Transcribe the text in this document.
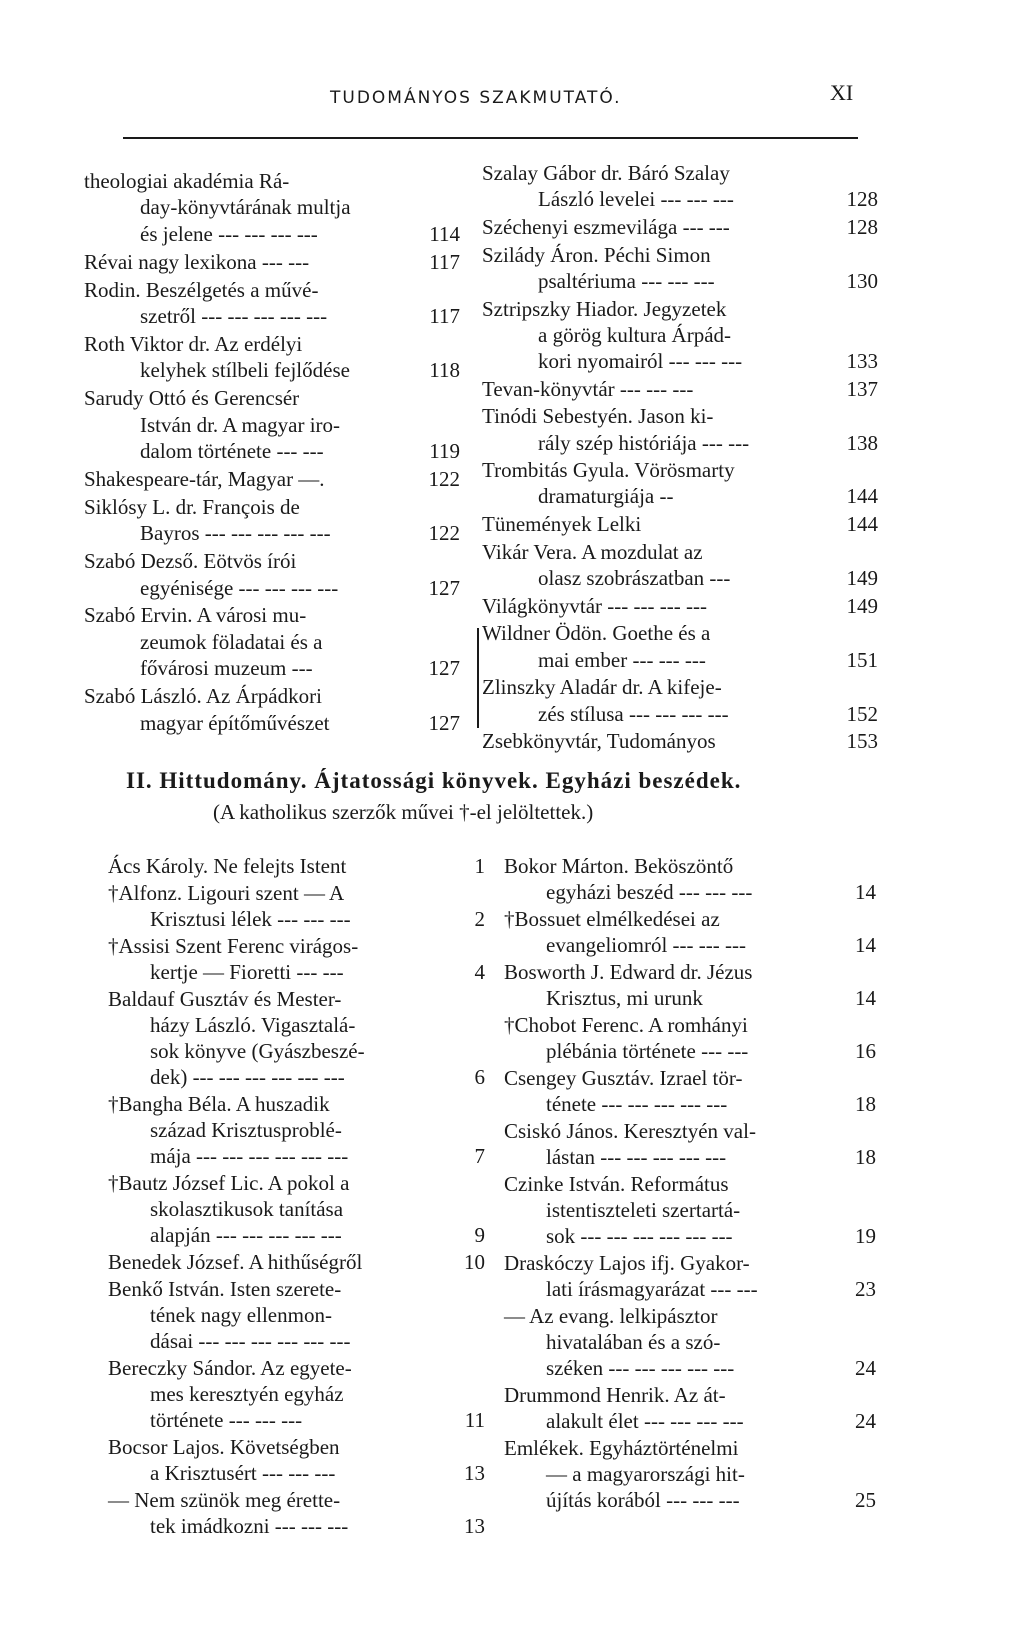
TUDOMÁNYOS SZAKMUTATÓ.	XI
theologiai akadémia Rá-
day-könyvtárának multja
és jelene --- --- --- ---	114
Révai nagy lexikona --- ---	117
Rodin. Beszélgetés a művé-
szetről --- --- --- --- ---	117
Roth Viktor dr. Az erdélyi
kelyhek stílbeli fejlődése	118
Sarudy Ottó és Gerencsér
István dr. A magyar iro-
dalom története --- ---	119
Shakespeare-tár, Magyar —.	122
Siklósy L. dr. François de
Bayros --- --- --- --- ---	122
Szabó Dezső. Eötvös írói
egyénisége --- --- --- ---	127
Szabó Ervin. A városi mu-
zeumok föladatai és a
fővárosi muzeum ---	127
Szabó László. Az Árpádkori
magyar építőművészet	127
Szalay Gábor dr. Báró Szalay
László levelei --- --- ---	128
Széchenyi eszmevilága --- ---	128
Szilády Áron. Péchi Simon
psaltériuma --- --- ---	130
Sztripszky Hiador. Jegyzetek
a görög kultura Árpád-
kori nyomairól --- --- ---	133
Tevan-könyvtár --- --- ---	137
Tinódi Sebestyén. Jason ki-
rály szép históriája --- ---	138
Trombitás Gyula. Vörösmarty
dramaturgiája --	144
Tünemények Lelki	144
Vikár Vera. A mozdulat az
olasz szobrászatban ---	149
Világkönyvtár --- --- --- ---	149
Wildner Ödön. Goethe és a
mai ember --- --- ---	151
Zlinszky Aladár dr. A kifeje-
zés stílusa --- --- --- ---	152
Zsebkönyvtár, Tudományos	153
II. Hittudomány. Ájtatossági könyvek. Egyházi beszédek.
(A katholikus szerzők művei †-el jelöltettek.)
Ács Károly. Ne felejts Istent	1
†Alfonz. Ligouri szent — A
Krisztusi lélek --- --- ---	2
†Assisi Szent Ferenc virágos-
kertje — Fioretti --- ---	4
Baldauf Gusztáv és Mester-
házy László. Vigasztalá-
sok könyve (Gyászbeszé-
dek) --- --- --- --- --- ---	6
†Bangha Béla. A huszadik
század Krisztusproblé-
mája --- --- --- --- --- ---	7
†Bautz József Lic. A pokol a
skolasztikusok tanítása
alapján --- --- --- --- ---	9
Benedek József. A hithűségről	10
Benkő István. Isten szerete-
tének nagy ellenmon-
dásai --- --- --- --- --- ---
Bereczky Sándor. Az egyete-
mes keresztyén egyház
története --- --- ---	11
Bocsor Lajos. Követségben
a Krisztusért --- --- ---	13
— Nem szünök meg érette-
tek imádkozni --- --- ---	13
Bokor Márton. Beköszöntő
egyházi beszéd --- --- ---	14
†Bossuet elmélkedései az
evangeliomról --- --- ---	14
Bosworth J. Edward dr. Jézus
Krisztus, mi urunk	14
†Chobot Ferenc. A romhányi
plébánia története --- ---	16
Csengey Gusztáv. Izrael tör-
ténete --- --- --- --- ---	18
Csiskó János. Keresztyén val-
lástan --- --- --- --- ---	18
Czinke István. Református
istentiszteleti szertartá-
sok --- --- --- --- --- ---	19
Draskóczy Lajos ifj. Gyakor-
lati írásmagyarázat --- ---	23
— Az evang. lelkipásztor
hivatalában és a szó-
széken --- --- --- --- ---	24
Drummond Henrik. Az át-
alakult élet --- --- --- ---	24
Emlékek. Egyháztörténelmi
— a magyarországi hit-
újítás korából --- --- ---	25
